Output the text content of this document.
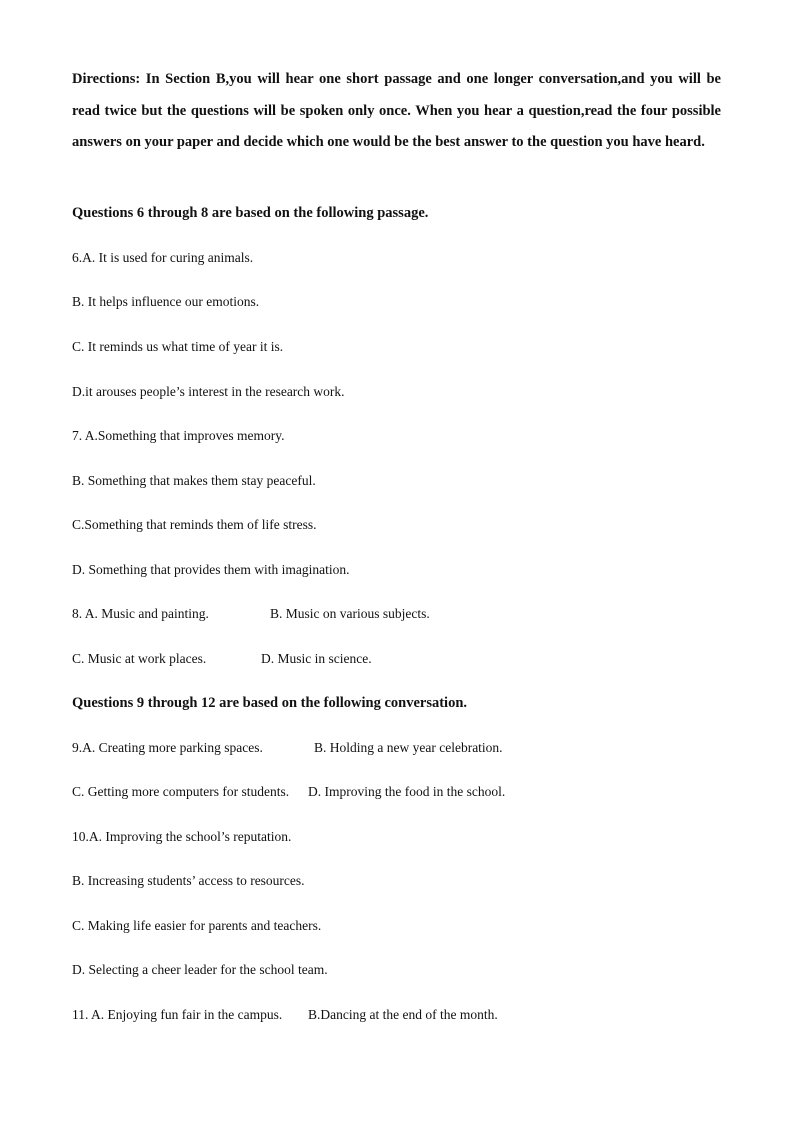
Directions: In Section B,you will hear one short passage and one longer conversation,and you will be read twice but the questions will be spoken only once. When you hear a question,read the four possible answers on your paper and decide which one would be the best answer to the question you have heard.
Questions 6 through 8 are based on the following passage.
6.A. It is used for curing animals.
B. It helps influence our emotions.
C. It reminds us what time of year it is.
D.it arouses people’s interest in the research work.
7. A.Something that improves memory.
B. Something that makes them stay peaceful.
C.Something that reminds them of life stress.
D. Something that provides them with imagination.
8. A. Music and painting.	B. Music on various subjects.
C. Music at work places.	D. Music in science.
Questions 9 through 12 are based on the following conversation.
9.A. Creating more parking spaces.	B. Holding a new year celebration.
C. Getting more computers for students. D. Improving the food in the school.
10.A. Improving the school’s reputation.
B. Increasing students’ access to resources.
C. Making life easier for parents and teachers.
D. Selecting a cheer leader for the school team.
11. A. Enjoying fun fair in the campus. B.Dancing at the end of the month.
